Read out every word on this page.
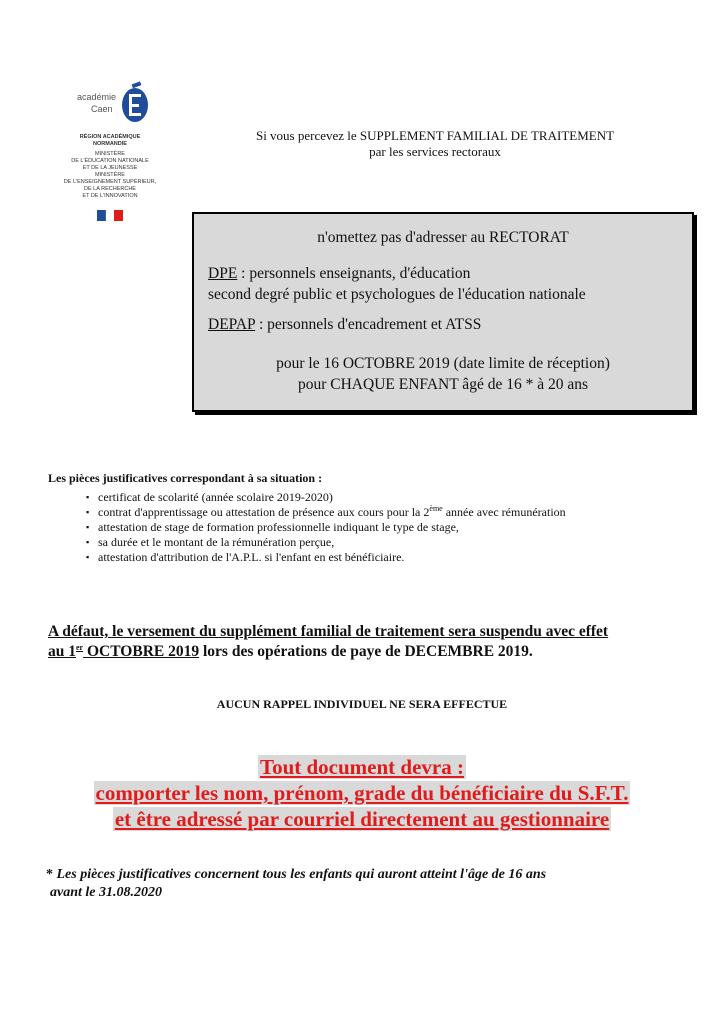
académie
Caen
RÉGION ACADÉMIQUE
NORMANDIE
MINISTÈRE
DE L'ÉDUCATION NATIONALE
ET DE LA JEUNESSE
MINISTÈRE
DE L'ENSEIGNEMENT SUPÉRIEUR,
DE LA RECHERCHE
ET DE L'INNOVATION
Si vous percevez le SUPPLEMENT FAMILIAL DE TRAITEMENT
par les services rectoraux
n'omettez pas d'adresser au RECTORAT
DPE : personnels enseignants, d'éducation
second degré public et psychologues de l'éducation nationale
DEPAP : personnels d'encadrement et ATSS
pour le 16 OCTOBRE 2019 (date limite de réception)
pour CHAQUE ENFANT âgé de 16 * à 20 ans
Les pièces justificatives correspondant à sa situation :
▪ certificat de scolarité (année scolaire 2019-2020)
▪ contrat d'apprentissage ou attestation de présence aux cours pour la 2ème année avec rémunération
▪ attestation de stage de formation professionnelle indiquant le type de stage,
▪ sa durée et le montant de la rémunération perçue,
▪ attestation d'attribution de l'A.P.L. si l'enfant en est bénéficiaire.
A défaut, le versement du supplément familial de traitement sera suspendu avec effet
au 1er OCTOBRE 2019 lors des opérations de paye de DECEMBRE 2019.
AUCUN RAPPEL INDIVIDUEL NE SERA EFFECTUE
Tout document devra :
comporter les nom, prénom, grade du bénéficiaire du S.F.T.
et être adressé par courriel directement au gestionnaire
* Les pièces justificatives concernent tous les enfants qui auront atteint l'âge de 16 ans
avant le 31.08.2020
